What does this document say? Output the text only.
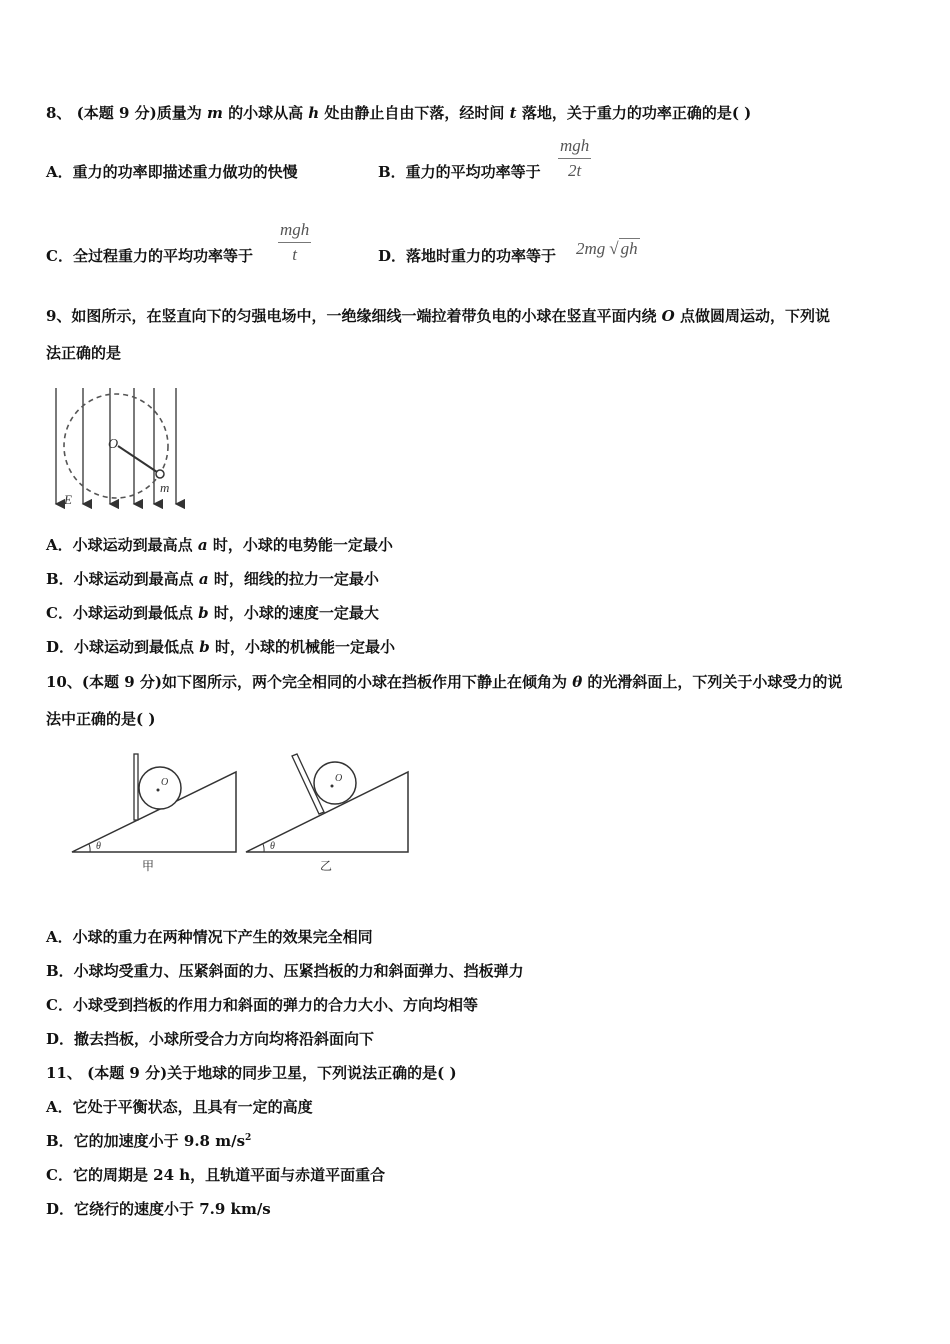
8、 (本题 9 分)质量为 m 的小球从高 h 处由静止自由下落，经时间 t 落地，关于重力的功率正确的是( )
A．重力的功率即描述重力做功的快慢	B．重力的平均功率等于
mgh
2t
C．全过程重力的平均功率等于
mgh
t	D．落地时重力的功率等于 2mg √ gh
9、如图所示，在竖直向下的匀强电场中，一绝缘细线一端拉着带负电的小球在竖直平面内绕 O 点做圆周运动，下列说
法正确的是
O
m
E
A．小球运动到最高点 a 时，小球的电势能一定最小
B．小球运动到最高点 a 时，细线的拉力一定最小
C．小球运动到最低点 b 时，小球的速度一定最大
D．小球运动到最低点 b 时，小球的机械能一定最小
10、(本题 9 分)如下图所示，两个完全相同的小球在挡板作用下静止在倾角为 θ 的光滑斜面上，下列关于小球受力的说
法中正确的是( )
O
θ
甲
O
θ
乙
A．小球的重力在两种情况下产生的效果完全相同
B．小球均受重力、压紧斜面的力、压紧挡板的力和斜面弹力、挡板弹力
C．小球受到挡板的作用力和斜面的弹力的合力大小、方向均相等
D．撤去挡板，小球所受合力方向均将沿斜面向下
11、 (本题 9 分)关于地球的同步卫星，下列说法正确的是( )
A．它处于平衡状态，且具有一定的高度
B．它的加速度小于 9.8 $m/s^2$
C．它的周期是 24 h，且轨道平面与赤道平面重合
D．它绕行的速度小于 7.9 km/s
